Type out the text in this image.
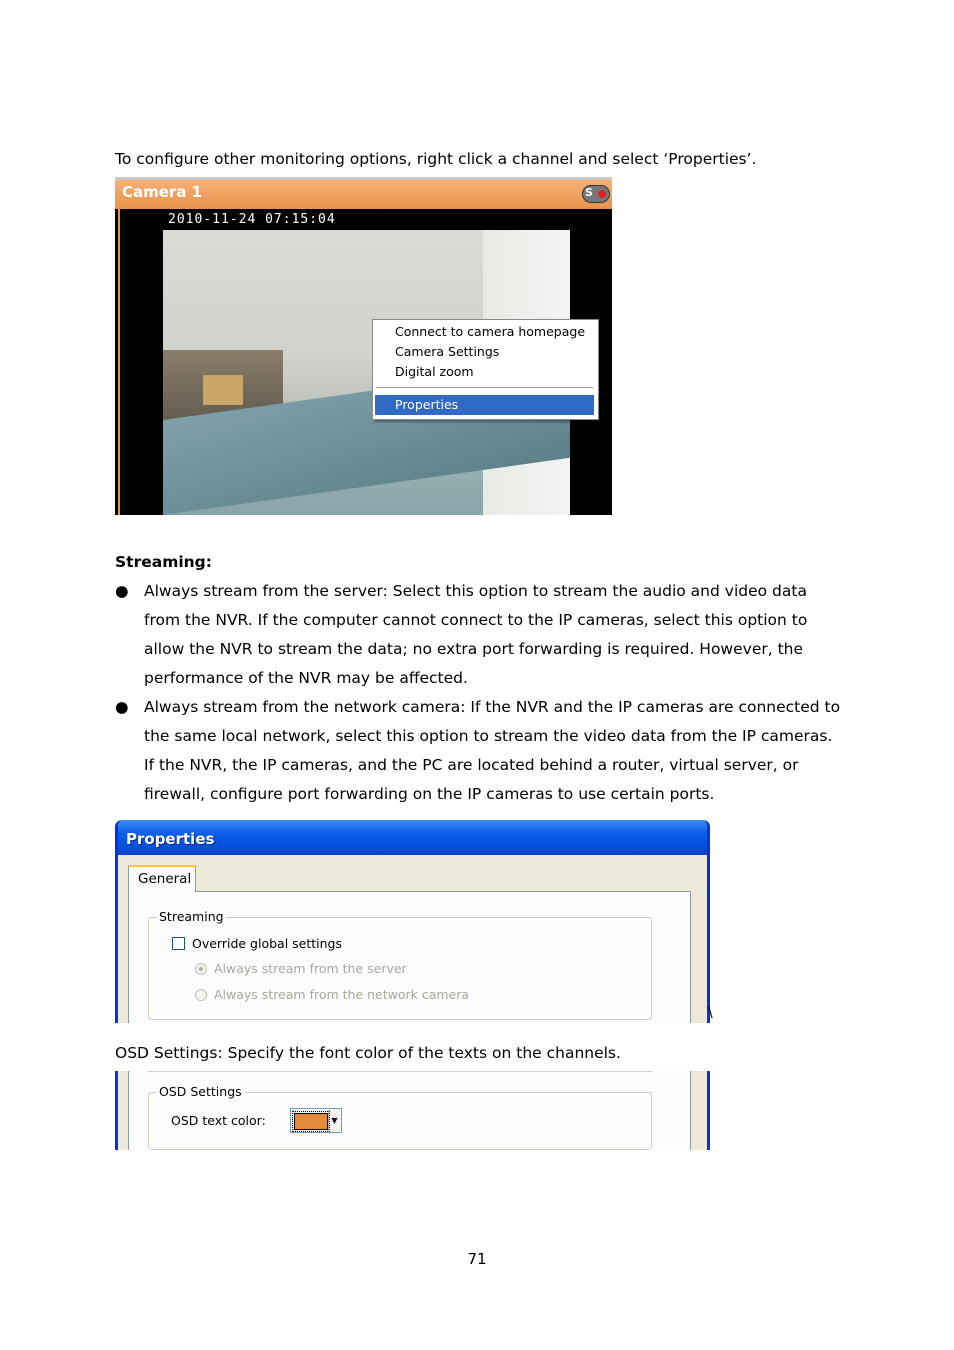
To configure other monitoring options, right click a channel and select ‘Properties’.
Camera 1	S
2010-11-24 07:15:04
Connect to camera homepage
Camera Settings
Digital zoom
Properties
Streaming:
● Always stream from the server: Select this option to stream the audio and video data from the NVR. If the computer cannot connect to the IP cameras, select this option to allow the NVR to stream the data; no extra port forwarding is required. However, the performance of the NVR may be affected.
● Always stream from the network camera: If the NVR and the IP cameras are connected to the same local network, select this option to stream the video data from the IP cameras. If the NVR, the IP cameras, and the PC are located behind a router, virtual server, or firewall, configure port forwarding on the IP cameras to use certain ports.
Properties
Streaming
Override global settings
Always stream from the server
Always stream from the network camera
General
\
OSD Settings: Specify the font color of the texts on the channels.
OSD Settings
OSD text color:	▼
71
